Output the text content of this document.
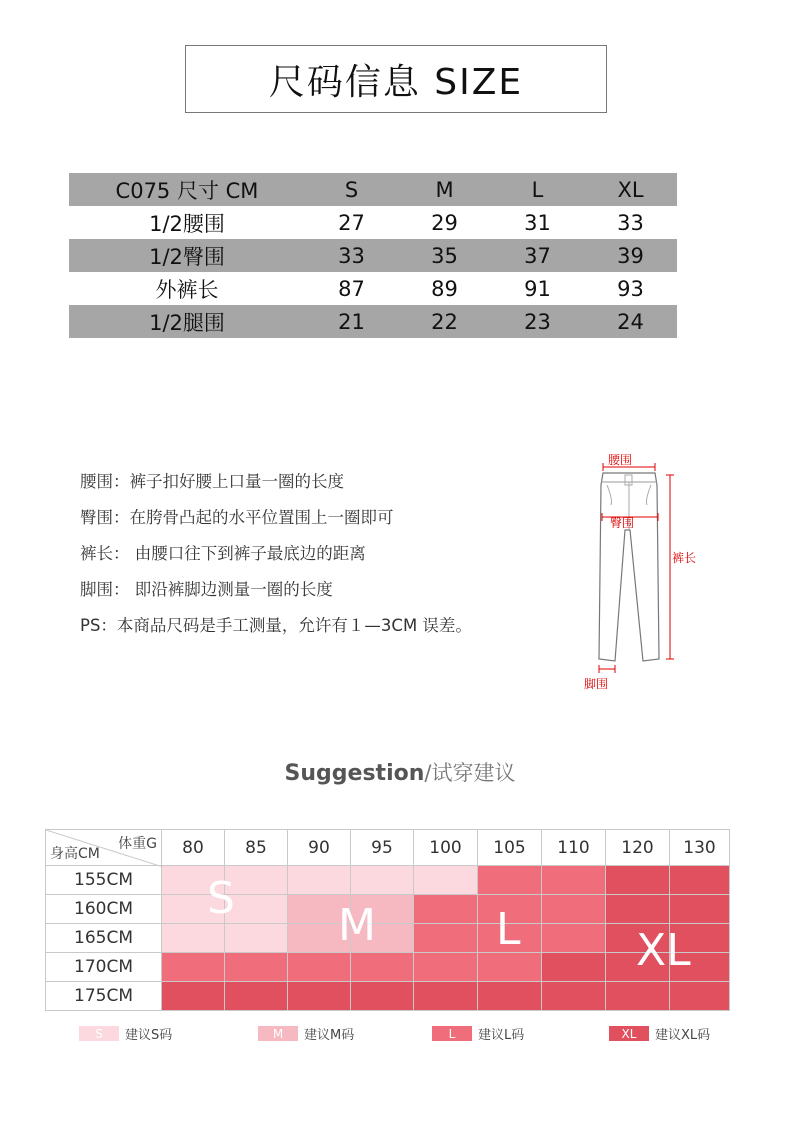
尺码信息 SIZE
C075 尺寸 CM	S	M	L	XL
1/2腰围	27	29	31	33
1/2臀围	33	35	37	39
外裤长	87	89	91	93
1/2腿围	21	22	23	24
腰围：裤子扣好腰上口量一圈的长度
臀围：在胯骨凸起的水平位置围上一圈即可
裤长： 由腰口往下到裤子最底边的距离
脚围： 即沿裤脚边测量一圈的长度
PS：本商品尺码是手工测量，允许有１—3CM 误差。
腰围
臀围
裤长
脚围
Suggestion/试穿建议
体重G
身高CM	80	85	90	95	100	105	110	120	130
155CM
160CM
165CM
170CM
175CM
S
M	L	XL
S	建议S码	M	建议M码	L	建议L码	XL	建议XL码
